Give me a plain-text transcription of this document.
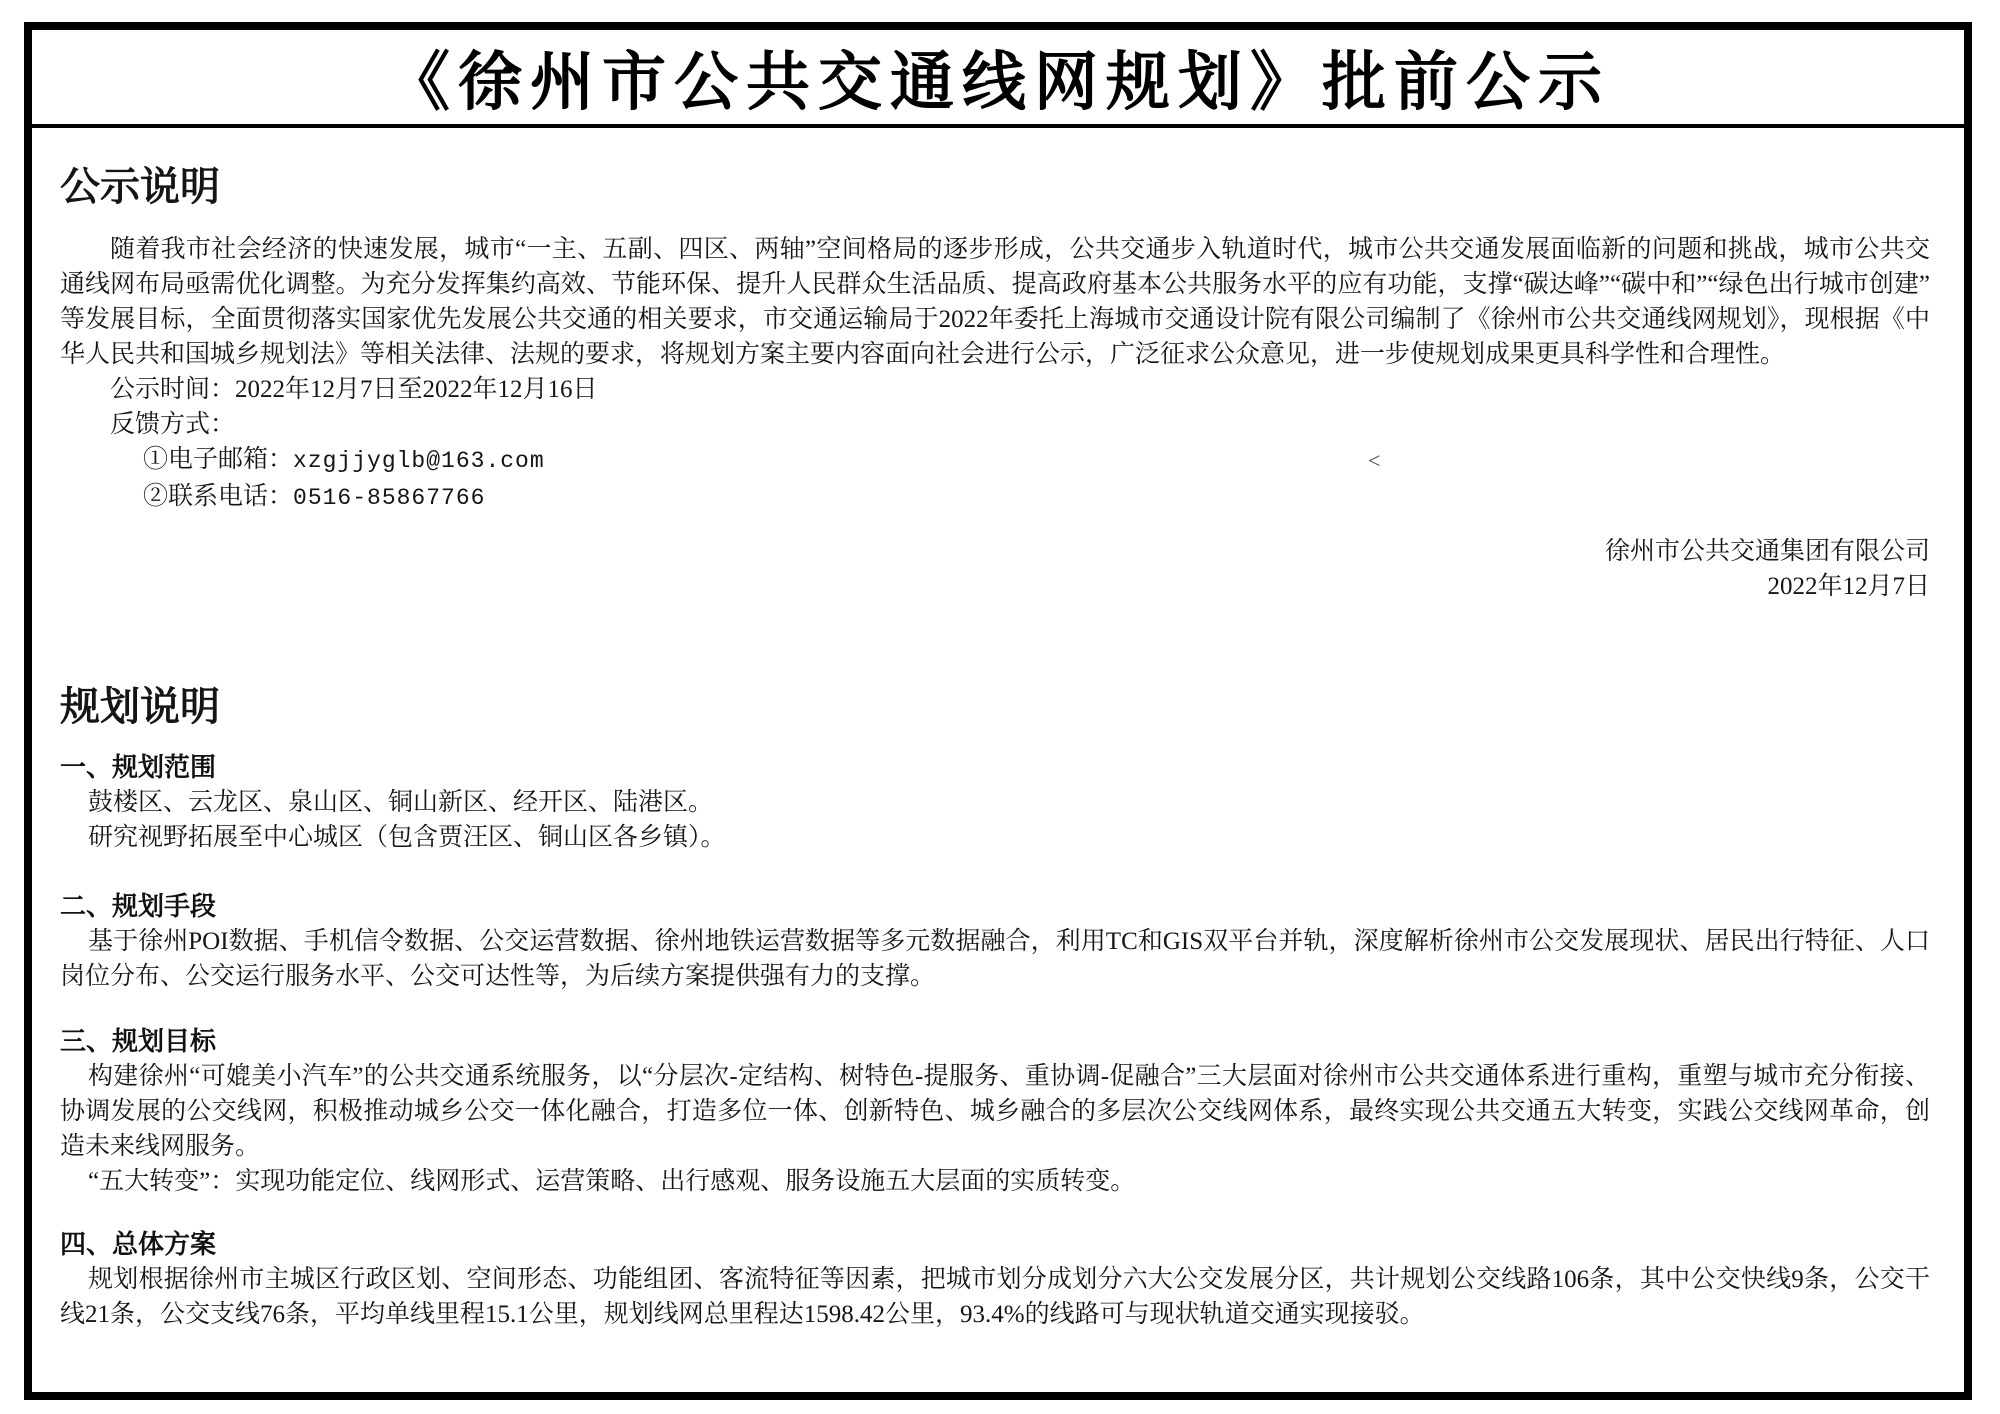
《徐州市公共交通线网规划》批前公示
公示说明

随着我市社会经济的快速发展，城市“一主、五副、四区、两轴”空间格局的逐步形成，公共交通步入轨道时代，城市公共交通发展面临新的问题和挑战，城市公共交通线网布局亟需优化调整。为充分发挥集约高效、节能环保、提升人民群众生活品质、提高政府基本公共服务水平的应有功能，支撑“碳达峰”“碳中和”“绿色出行城市创建”等发展目标，全面贯彻落实国家优先发展公共交通的相关要求，市交通运输局于2022年委托上海城市交通设计院有限公司编制了《徐州市公共交通线网规划》，现根据《中华人民共和国城乡规划法》等相关法律、法规的要求，将规划方案主要内容面向社会进行公示，广泛征求公众意见，进一步使规划成果更具科学性和合理性。

公示时间：2022年12月7日至2022年12月16日
反馈方式：
①电子邮箱：xzgjjyglb@163.com
②联系电话：0516-85867766
徐州市公共交通集团有限公司
2022年12月7日
规划说明
一、规划范围

鼓楼区、云龙区、泉山区、铜山新区、经开区、陆港区。

研究视野拓展至中心城区（包含贾汪区、铜山区各乡镇）。

二、规划手段

基于徐州POI数据、手机信令数据、公交运营数据、徐州地铁运营数据等多元数据融合，利用TC和GIS双平台并轨，深度解析徐州市公交发展现状、居民出行特征、人口岗位分布、公交运行服务水平、公交可达性等，为后续方案提供强有力的支撑。

三、规划目标

构建徐州“可媲美小汽车”的公共交通系统服务，以“分层次-定结构、树特色-提服务、重协调-促融合”三大层面对徐州市公共交通体系进行重构，重塑与城市充分衔接、协调发展的公交线网，积极推动城乡公交一体化融合，打造多位一体、创新特色、城乡融合的多层次公交线网体系，最终实现公共交通五大转变，实践公交线网革命，创造未来线网服务。

“五大转变”：实现功能定位、线网形式、运营策略、出行感观、服务设施五大层面的实质转变。

四、总体方案

规划根据徐州市主城区行政区划、空间形态、功能组团、客流特征等因素，把城市划分成划分六大公交发展分区，共计规划公交线路106条，其中公交快线9条，公交干线21条，公交支线76条，平均单线里程15.1公里，规划线网总里程达1598.42公里，93.4%的线路可与现状轨道交通实现接驳。

<
